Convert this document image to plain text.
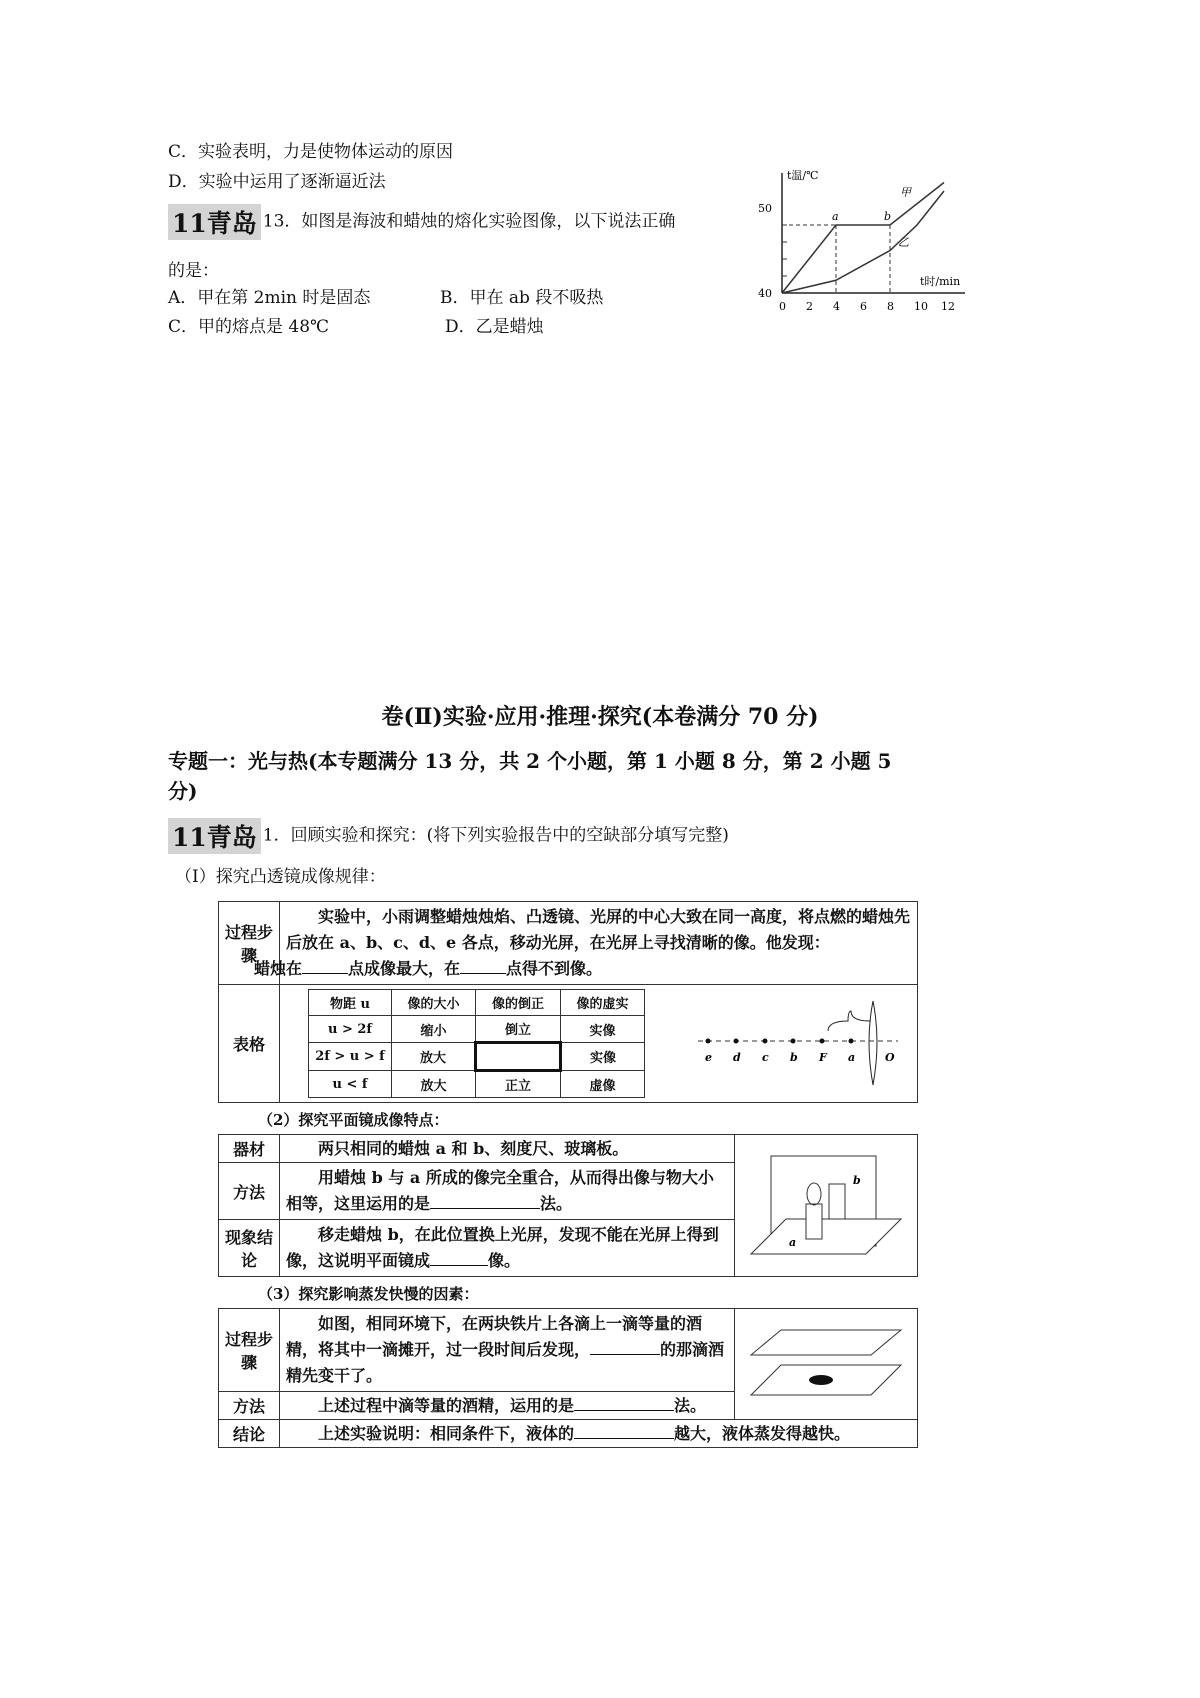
C．实验表明，力是使物体运动的原因
D．实验中运用了逐渐逼近法
11青岛 13．如图是海波和蜡烛的熔化实验图像，以下说法正确
的是：
A．甲在第 2min 时是固态	B．甲在 ab 段不吸热
C．甲的熔点是 48℃	D．乙是蜡烛
t温/℃
t时/min
0 2 4 6 8 10 12
40
50
a	b
甲
乙
卷(Ⅱ)实验·应用·推理·探究(本卷满分 70 分)
专题一：光与热(本专题满分 13 分，共 2 个小题，第 1 小题 8 分，第 2 小题 5
分)
11青岛 1．回顾实验和探究：(将下列实验报告中的空缺部分填写完整)
（I）探究凸透镜成像规律：
过程步骤	实验中，小雨调整蜡烛烛焰、凸透镜、光屏的中心大致在同一高度，将点燃的蜡烛先后放在 a、b、c、d、e 各点，移动光屏，在光屏上寻找清晰的像。他发现：
蜡烛在	点成像最大，在	点得不到像。
表格	
物距 u	像的大小	像的倒正	像的虚实
u > 2f	缩小	倒立	实像
2f > u > f	放大		实像
u < f	放大	正立	虚像
e d c b F a	O
（2）探究平面镜成像特点：
器材	两只相同的蜡烛 a 和 b、刻度尺、玻璃板。	a
b

方法	用蜡烛 b 与 a 所成的像完全重合，从而得出像与物大小相等，这里运用的是 法。	
现象结论	移走蜡烛 b，在此位置换上光屏，发现不能在光屏上得到像，这说明平面镜成 像。	
（3）探究影响蒸发快慢的因素：
过程步骤	如图，相同环境下，在两块铁片上各滴上一滴等量的酒精，将其中一滴摊开，过一段时间后发现， 的那滴酒精先变干了。	
方法	上述过程中滴等量的酒精，运用的是 法。	
结论	上述实验说明：相同条件下，液体的 越大，液体蒸发得越快。	
